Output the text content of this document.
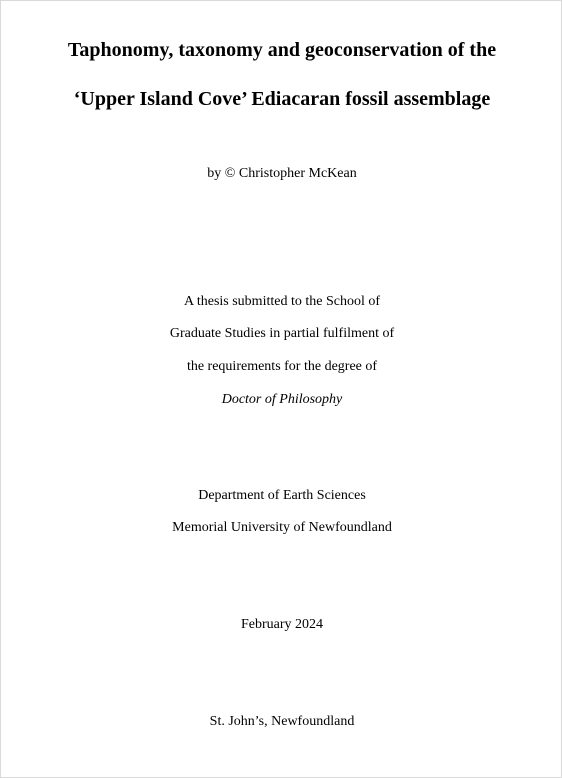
Taphonomy, taxonomy and geoconservation of the
‘Upper Island Cove’ Ediacaran fossil assemblage

by © Christopher McKean

A thesis submitted to the School of

Graduate Studies in partial fulfilment of

the requirements for the degree of

Doctor of Philosophy

Department of Earth Sciences

Memorial University of Newfoundland

February 2024

St. John’s, Newfoundland
